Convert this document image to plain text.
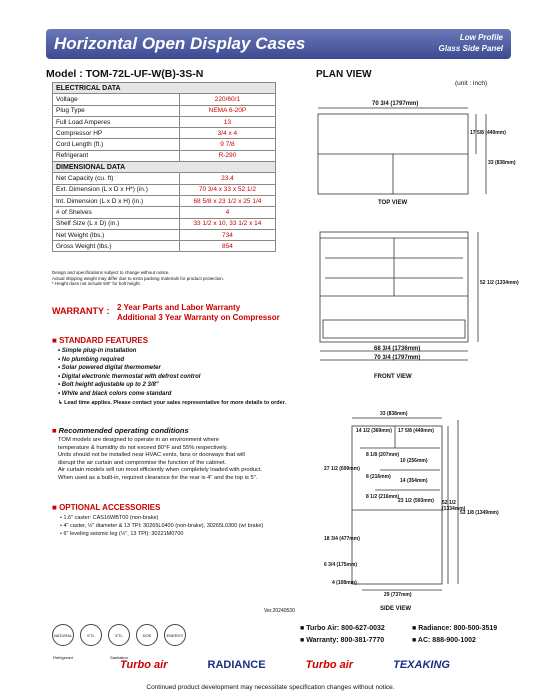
Horizontal Open Display Cases	Low Profile
Glass Side Panel
Model : TOM-72L-UF-W(B)-3S-N	PLAN VIEW
(unit : inch)
ELECTRICAL DATA	
Voltage	220/60/1
Plug Type	NEMA 6-20P
Full Load Amperes	13
Compressor HP	3/4 x 4
Cord Length (ft.)	9 7/8
Refrigerant	R-290
DIMENSIONAL DATA	
Net Capacity (cu. ft)	23.4
Ext. Dimension (L x D x H*) (in.)	70 3/4 x 33 x 52 1/2
Int. Dimension (L x D x H) (in.)	68 5/8 x 23 1/2 x 25 1/4
# of Shelves	4
Shelf Size (L x D) (in.)	33 1/2 x 10, 33 1/2 x 14
Net Weight (lbs.)	734
Gross Weight (lbs.)	854
Design and specifications subject to change without notice.
Actual shipping weight may differ due to extra packing materials for product protection.
* Height does not include 5/8" for bolt height.
WARRANTY : 2 Year Parts and Labor Warranty
Additional 3 Year Warranty on Compressor
■ STANDARD FEATURES
• Simple plug-in installation
• No plumbing required
• Solar powered digital thermometer
• Digital electronic thermostat with defrost control
• Bolt height adjustable up to 2 3/8"
• White and black colors come standard
↳ Lead time applies. Please contact your sales representative for more details to order.
■ Recommended operating conditions
TOM models are designed to operate in an environment where
temperature & humidity do not exceed 80°F and 55% respectively.
Units should not be installed near HVAC vents, fans or doorways that will
disrupt the air curtain and compromise the function of the cabinet.
Air curtain models will run most efficiently when completely loaded with product.
When used as a built-in, required clearance for the rear is 4" and the top is 5".
■ OPTIONAL ACCESSORIES
• 1.6" caster: CAS16WBT00 (non-brake)
• 4" caster, ½" diameter & 13 TPI: 30265L0400 (non-brake), 30265L0300 (w/ brake)
• 6" leveling seismic leg (½", 13 TPI): 30221M0700
Ver.20240530
NATURAL Refrigerant
ETL	ETL Sanitation
DOE	ENERGY
■ Turbo Air: 800-627-0032
■ Warranty: 800-381-7770
■ Radiance: 800-500-3519
■ AC: 888-900-1002
Turbo air	RADIANCE	Turbo air	TEXAKING
Continued product development may necessitate specification changes without notice.
70 3/4 (1797mm)
17 5/8 (449mm)
33 (838mm)
TOP VIEW
68 3/4 (1736mm)
70 3/4 (1797mm)
52 1/2 (1334mm)
FRONT VIEW
33 (838mm)
14 1/2 (369mm) 17 5/8 (449mm)
8 1/8 (207mm)
10 (256mm)
8 (216mm)
14 (354mm)
8 1/2 (216mm)
23 1/2 (593mm)
27 1/2 (699mm)
18 3/4 (477mm)
6 3/4 (175mm)
4 (108mm)
29 (737mm)
52 1/2 (1334mm)
53 1/8 (1349mm)
SIDE VIEW
